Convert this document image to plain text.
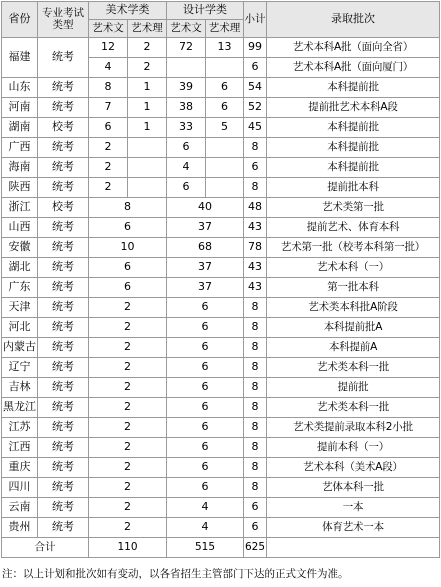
省份	专业考试
类型	美术学类		设计学类		小计	录取批次
		艺术文	艺术理	艺术文	艺术理		
福建	统考	12	2	72	13	99	艺术本科A批（面向全省）
		4	2			6	艺术本科A批（面向厦门）
山东	统考	8	1	39	6	54	本科提前批
河南	统考	7	1	38	6	52	提前批艺术本科A段
湖南	校考	6	1	33	5	45	本科提前批
广西	统考	2		6		8	本科提前批
海南	统考	2		4		6	本科提前批
陕西	统考	2		6		8	提前批本科
浙江	校考	8		40		48	艺术类第一批
山西	统考	6		37		43	提前艺术、体育本科
安徽	统考	10		68		78	艺术第一批（校考本科第一批）
湖北	统考	6		37		43	艺术本科（一）
广东	统考	6		37		43	第一批本科
天津	统考	2		6		8	艺术类本科批A阶段
河北	统考	2		6		8	本科提前批A
内蒙古	统考	2		6		8	本科提前A
辽宁	统考	2		6		8	艺术类本科一批
吉林	统考	2		6		8	提前批
黑龙江	统考	2		6		8	艺术类本科一批
江苏	统考	2		6		8	艺术类提前录取本科2小批
江西	统考	2		6		8	提前本科（一）
重庆	统考	2		6		8	艺术本科（美术A段）
四川	统考	2		6		8	艺体本科一批
云南	统考	2		4		6	一本
贵州	统考	2		4		6	体育艺术一本
合计		110		515		625	
注：以上计划和批次如有变动，以各省招生主管部门下达的正式文件为准。
